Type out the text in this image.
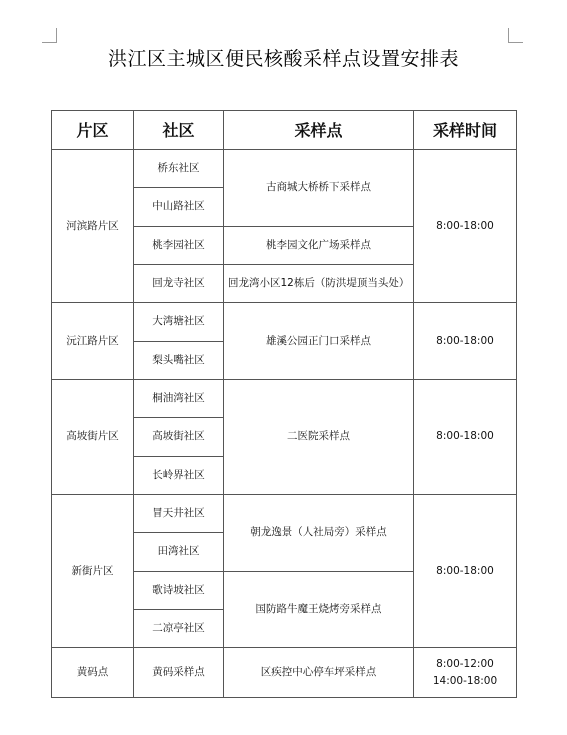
洪江区主城区便民核酸采样点设置安排表
片区	社区	采样点	采样时间
河滨路片区	桥东社区	古商城大桥桥下采样点	8:00-18:00
	中山路社区		
	桃李园社区	桃李园文化广场采样点	
	回龙寺社区	回龙湾小区12栋后（防洪堤顶当头处）	
沅江路片区	大湾塘社区	雄溪公园正门口采样点	8:00-18:00
	梨头嘴社区		
高坡街片区	桐油湾社区	二医院采样点	8:00-18:00
	高坡街社区		
	长岭界社区		
新街片区	冒天井社区	朝龙逸景（人社局旁）采样点	8:00-18:00
	田湾社区		
	歌诗坡社区	国防路牛魔王烧烤旁采样点	
	二凉亭社区		
黄码点	黄码采样点	区疾控中心停车坪采样点	8:00-12:00
14:00-18:00
